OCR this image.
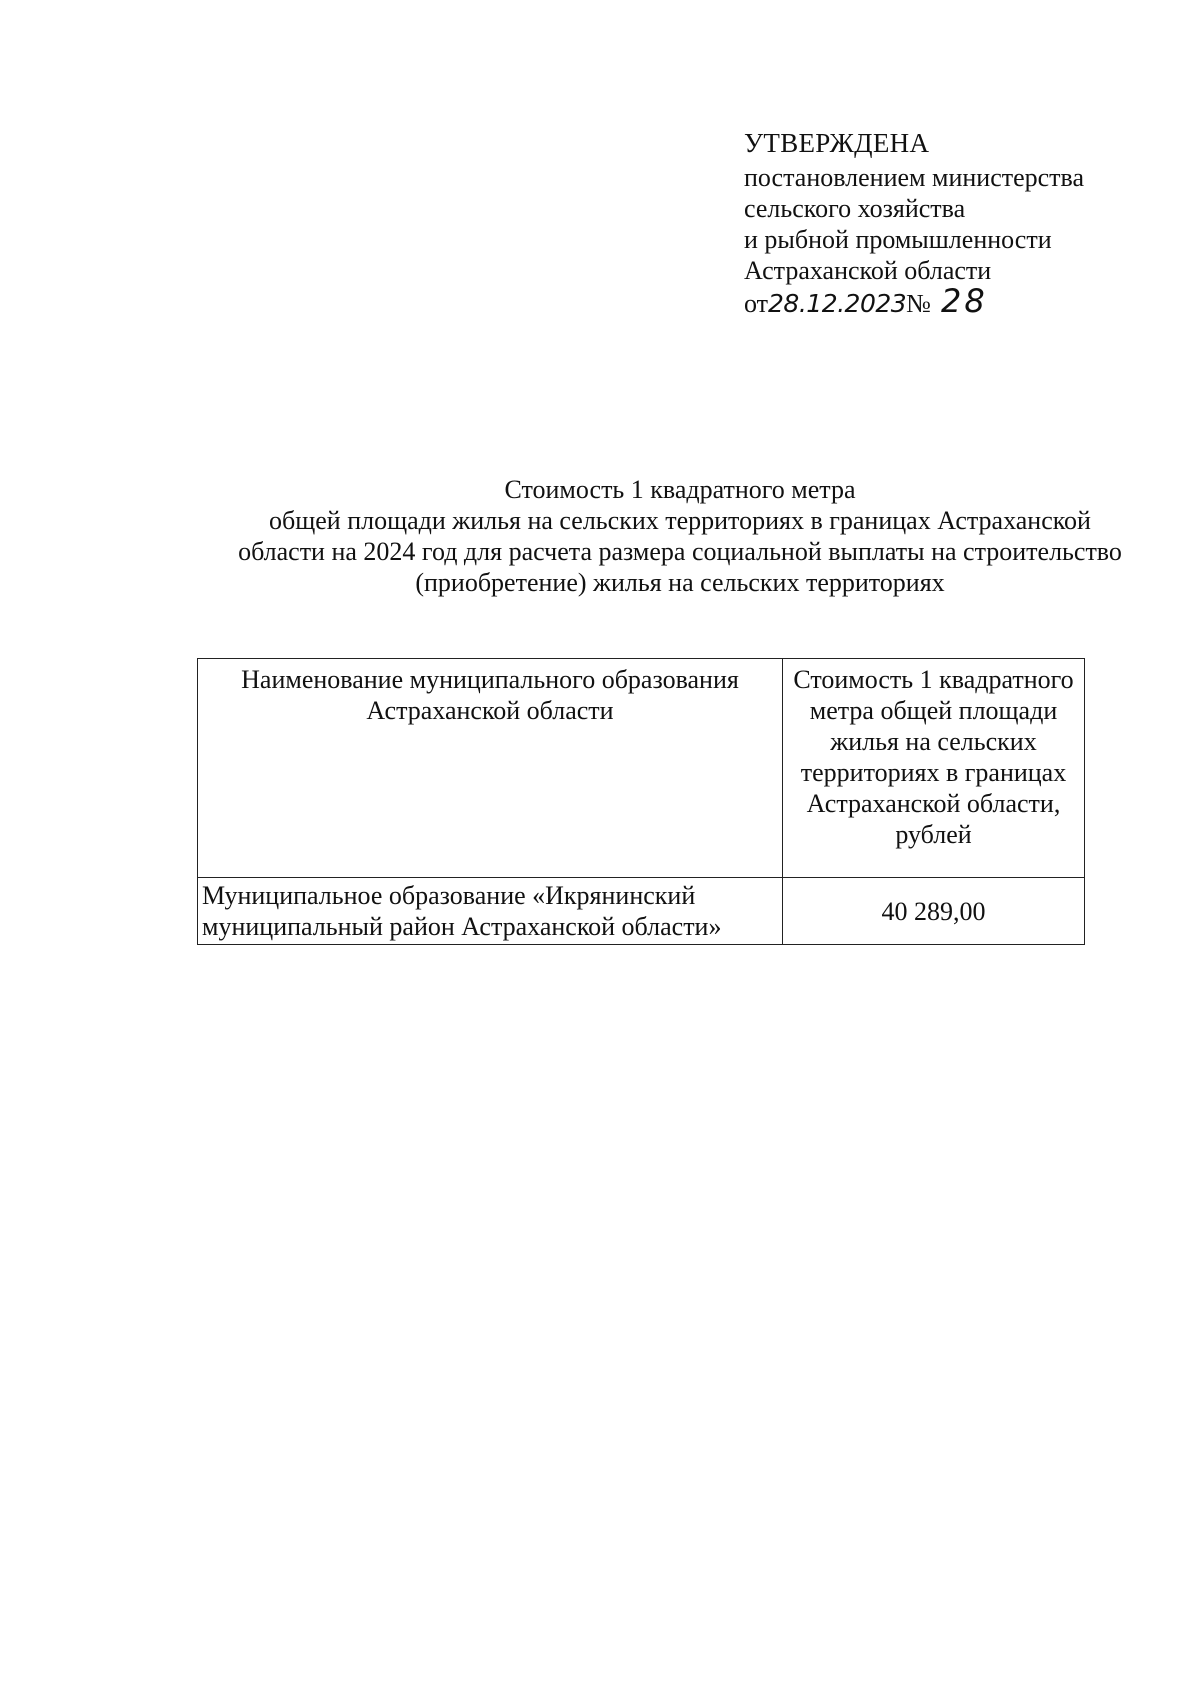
УТВЕРЖДЕНА
постановлением министерства
сельского хозяйства
и рыбной промышленности
Астраханской области
от 28.12.2023 № 28
Стоимость 1 квадратного метра
общей площади жилья на сельских территориях в границах Астраханской
области на 2024 год для расчета размера социальной выплаты на строительство
(приобретение) жилья на сельских территориях
Наименование муниципального образования Астраханской области	Стоимость 1 квадратного метра общей площади жилья на сельских территориях в границах Астраханской области, рублей
Муниципальное образование «Икрянинский муниципальный район Астраханской области»	40 289,00
